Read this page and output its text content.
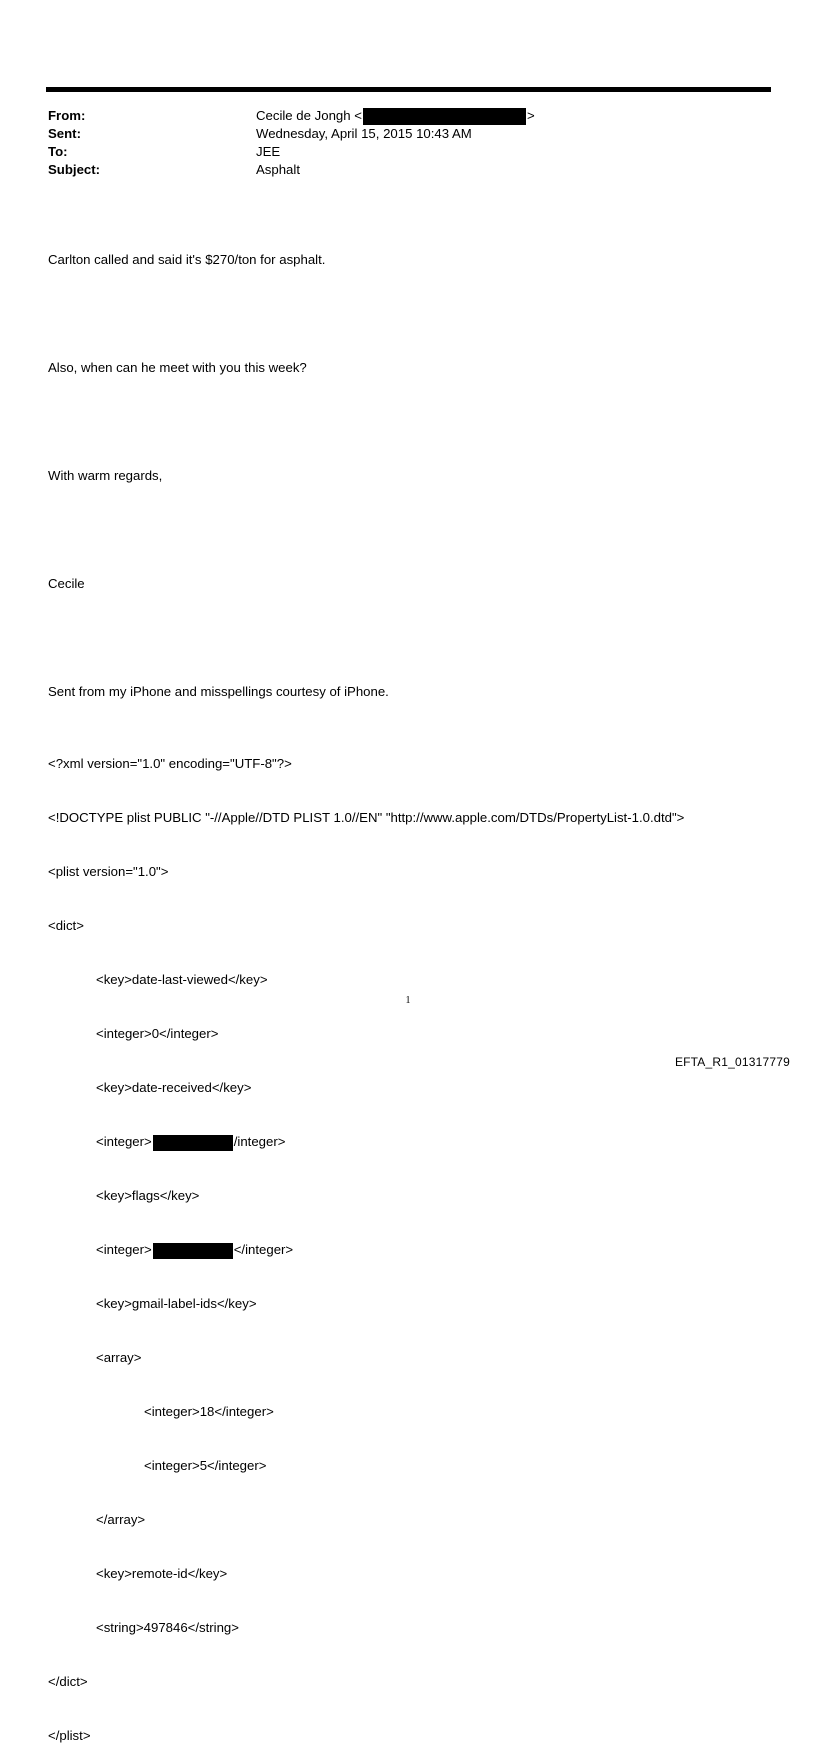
From:	Cecile de Jongh <	>
Sent:	Wednesday, April 15, 2015 10:43 AM
To:	JEE
Subject:	Asphalt

Carlton called and said it's $270/ton for asphalt.

Also, when can he meet with you this week?

With warm regards,

Cecile

Sent from my iPhone and misspellings courtesy of iPhone.

<?xml version="1.0" encoding="UTF-8"?>

<!DOCTYPE plist PUBLIC "-//Apple//DTD PLIST 1.0//EN" "http://www.apple.com/DTDs/PropertyList-1.0.dtd">

<plist version="1.0">

<dict>

<key>date-last-viewed</key>

<integer>0</integer>

<key>date-received</key>

<integer>	/integer>

<key>flags</key>

<integer>	</integer>

<key>gmail-label-ids</key>

<array>

<integer>18</integer>

<integer>5</integer>

</array>

<key>remote-id</key>

<string>497846</string>

</dict>

</plist>

1
EFTA_R1_01317779
